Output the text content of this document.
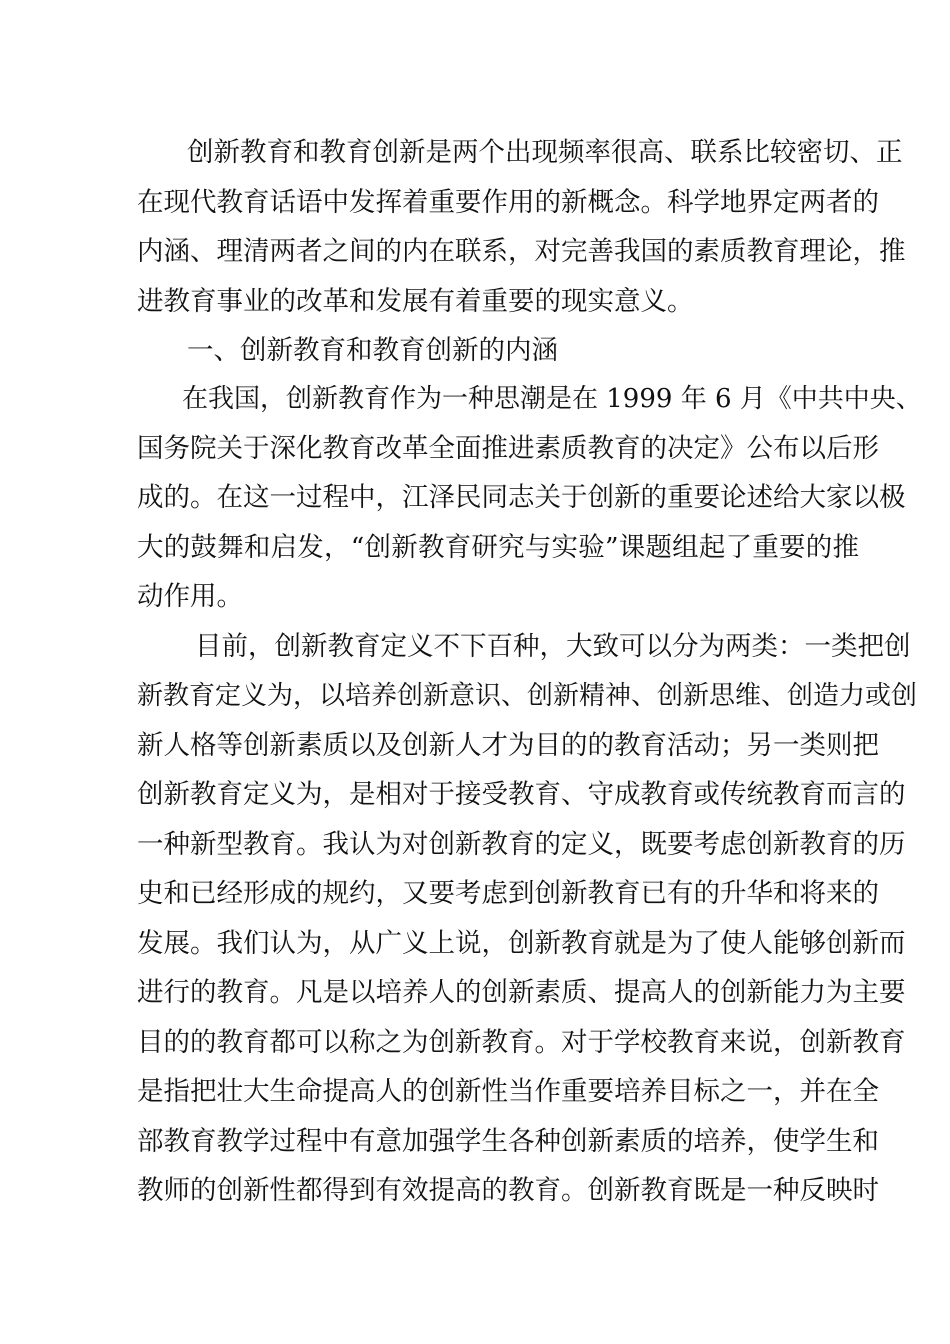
创新教育和教育创新是两个出现频率很高、联系比较密切、正
在现代教育话语中发挥着重要作用的新概念。科学地界定两者的
内涵、理清两者之间的内在联系，对完善我国的素质教育理论，推
进教育事业的改革和发展有着重要的现实意义。
一、创新教育和教育创新的内涵
在我国，创新教育作为一种思潮是在 1999 年 6 月《中共中央、
国务院关于深化教育改革全面推进素质教育的决定》公布以后形
成的。在这一过程中，江泽民同志关于创新的重要论述给大家以极
大的鼓舞和启发，“创新教育研究与实验”课题组起了重要的推
动作用。
目前，创新教育定义不下百种，大致可以分为两类：一类把创
新教育定义为，以培养创新意识、创新精神、创新思维、创造力或创
新人格等创新素质以及创新人才为目的的教育活动；另一类则把
创新教育定义为，是相对于接受教育、守成教育或传统教育而言的
一种新型教育。我认为对创新教育的定义，既要考虑创新教育的历
史和已经形成的规约，又要考虑到创新教育已有的升华和将来的
发展。我们认为，从广义上说，创新教育就是为了使人能够创新而
进行的教育。凡是以培养人的创新素质、提高人的创新能力为主要
目的的教育都可以称之为创新教育。对于学校教育来说，创新教育
是指把壮大生命提高人的创新性当作重要培养目标之一，并在全
部教育教学过程中有意加强学生各种创新素质的培养，使学生和
教师的创新性都得到有效提高的教育。创新教育既是一种反映时
